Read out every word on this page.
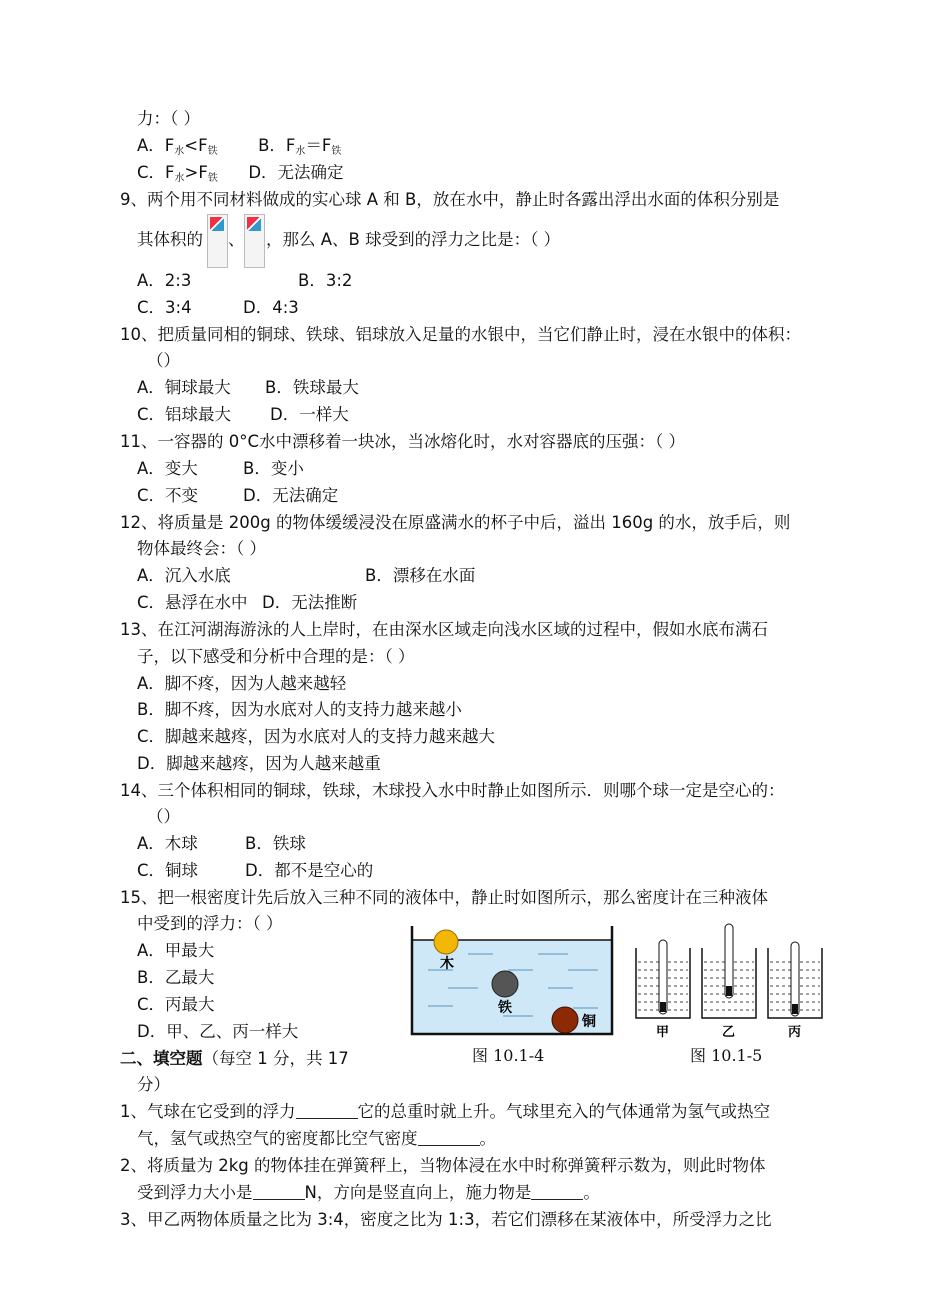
力：（ ）
A．$F_水<F_铁$ B．$F_水=F_铁$
C．$F_水>F_铁$ D．无法确定
9、两个用不同材料做成的实心球 A 和 B，放在水中，静止时各露出浮出水面的体积分别是
其体积的 、 ，那么 A、B 球受到的浮力之比是：（ ）
A．2:3	B．3:2
C．3:4	D．4:3
10、把质量同相的铜球、铁球、铝球放入足量的水银中，当它们静止时，浸在水银中的体积：
（）
A．铜球最大 B．铁球最大
C．铝球最大 D．一样大
11、一容器的 0°C水中漂移着一块冰，当冰熔化时，水对容器底的压强：（ ）
A．变大	B．变小
C．不变	D．无法确定
12、将质量是 200g 的物体缓缓浸没在原盛满水的杯子中后，溢出 160g 的水，放手后，则
物体最终会：（ ）
A．沉入水底	B．漂移在水面
C．悬浮在水中 D．无法推断
13、在江河湖海游泳的人上岸时，在由深水区域走向浅水区域的过程中，假如水底布满石
子，以下感受和分析中合理的是：（ ）
A．脚不疼，因为人越来越轻
B．脚不疼，因为水底对人的支持力越来越小
C．脚越来越疼，因为水底对人的支持力越来越大
D．脚越来越疼，因为人越来越重
14、三个体积相同的铜球，铁球，木球投入水中时静止如图所示．则哪个球一定是空心的：
（）
A．木球	B．铁球
C．铜球	D．都不是空心的
15、把一根密度计先后放入三种不同的液体中，静止时如图所示，那么密度计在三种液体
中受到的浮力：（ ）
A．甲最大
B．乙最大
C．丙最大
D．甲、乙、丙一样大
二、填空题（每空 1 分，共 17
分）
1、气球在它受到的浮力	它的总重时就上升。气球里充入的气体通常为氢气或热空
气，氢气或热空气的密度都比空气密度	。
2、将质量为 2kg 的物体挂在弹簧秤上，当物体浸在水中时称弹簧秤示数为，则此时物体
受到浮力大小是	N，方向是竖直向上，施力物是	。
3、甲乙两物体质量之比为 3:4，密度之比为 1:3，若它们漂移在某液体中，所受浮力之比
木
铁
铜
图 10.1-4
甲	乙	丙
图 10.1-5
